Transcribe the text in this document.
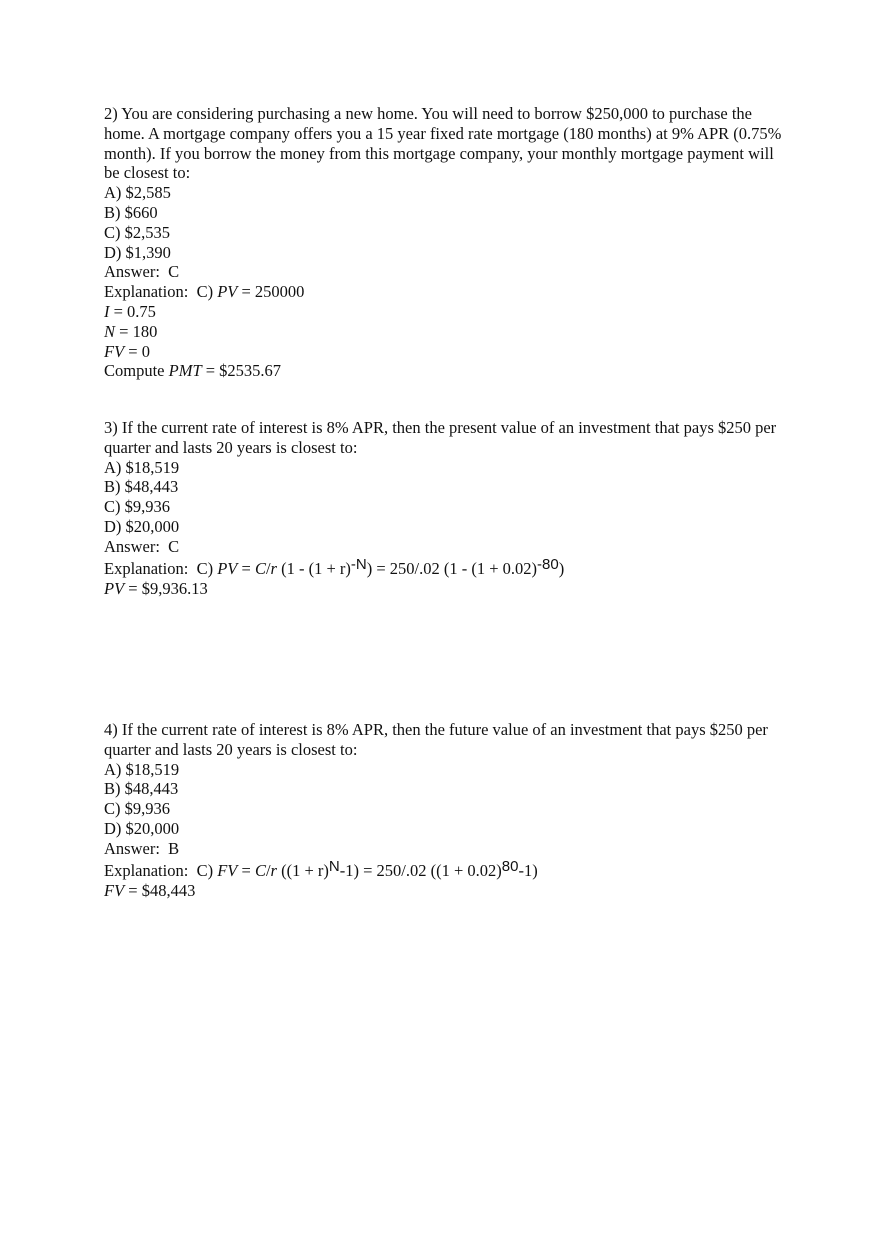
2) You are considering purchasing a new home. You will need to borrow $250,000 to purchase the home. A mortgage company offers you a 15 year fixed rate mortgage (180 months) at 9% APR (0.75% month). If you borrow the money from this mortgage company, your monthly mortgage payment will be closest to:
A) $2,585
B) $660
C) $2,535
D) $1,390
Answer:  C
Explanation:  C) PV = 250000
I = 0.75
N = 180
FV = 0
Compute PMT = $2535.67
3) If the current rate of interest is 8% APR, then the present value of an investment that pays $250 per quarter and lasts 20 years is closest to:
A) $18,519
B) $48,443
C) $9,936
D) $20,000
Answer:  C
Explanation:  C) PV = C/r (1 - (1 + r)-N) = 250/.02 (1 - (1 + 0.02)-80)
PV = $9,936.13
4) If the current rate of interest is 8% APR, then the future value of an investment that pays $250 per quarter and lasts 20 years is closest to:
A) $18,519
B) $48,443
C) $9,936
D) $20,000
Answer:  B
Explanation:  C) FV = C/r ((1 + r)N-1) = 250/.02 ((1 + 0.02)80-1)
FV = $48,443
